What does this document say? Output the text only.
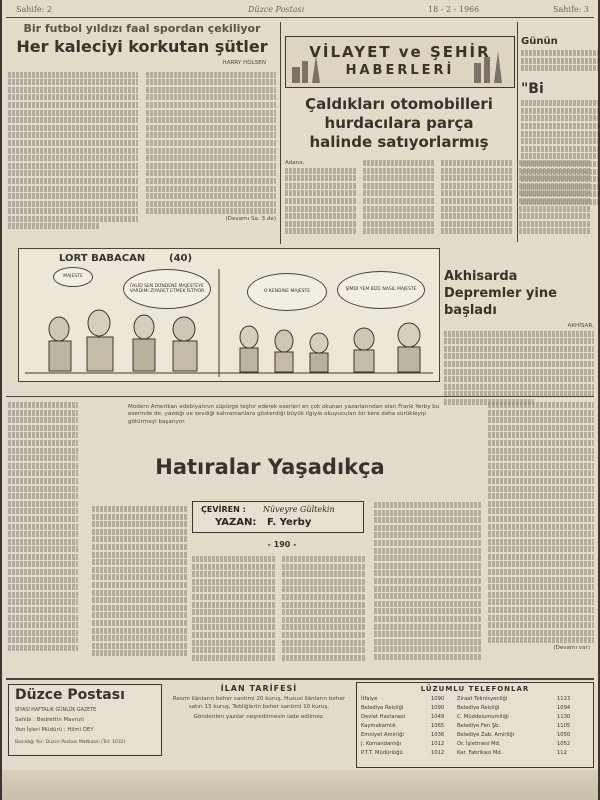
Sahife: 2	Düzce Postası	18 - 2 - 1966	Sahife: 3
Bir futbol yıldızı faal spordan çekiliyor
Her kaleciyi korkutan şütler
HARRY HOLSEN
(Devamı Sa. 3 de)
VİLAYET ve ŞEHİR
HABERLERİ
Çaldıkları otomobilleri
hurdacılara parça
halinde satıyorlarmış
Adana,
Günün
"Bi
LORT BABACAN (40)
MAJESTE
FALİD SEN DÜNDENE MAJESTEYE VARDIMI ZİYARET ETMEK İSTİYOR	O KENDINE MAJESTE	ŞİMDİ YEM BİZE NASIL MAJESTE
Akhisarda Depremler yine başladı
AKHİSAR,
Modern Amerikan edebiyatının süpürge teşhir ederek eserleri en çok okunan yazarlarından olan Frank Yerby bu eserinde de, yazdığı ve sevdiği kahramanlara gösterdiği büyük ilgiyle okuyucuları bir kere daha sürükleyip götürmeyi başarıyor.
Hatıralar Yaşadıkça
ÇEVİREN : Nüveyre Gültekin
YAZAN: F. Yerby
- 190 -
(Devamı var)
Düzce Postası
SİYASİ HAFTALIK GÜNLÜK GAZETE
Sahibi : Bedrettin Mavruti
Yazı İşleri Müdürü : Hilmi DEY
Basıldığı Yer: Düzce Postası Matbaası (Tel: 1032)
İLAN TARİFESİ
Resmi ilânların beher santimi 20 kuruş, Hususi ilânların beher satırı 15 kuruş, Tebliğlerin beher santimi 10 kuruş.
Gönderilen yazılar neşredilmesin iade edilmez.
LÜZUMLU TELEFONLAR
İtfaiye	1090	Ziraat Teknisyenliği	1123
Belediye Reisliği	1090	Belediye Reisliği	1094
Devlet Hastanesi	1049	C. Müddeiumumiliği	1130
Kaymakamlık	1065	Belediye Fen Şb.	1105
Emniyet Amirliği	1036	Belediye Zab. Amirliği	1050
J. Komandanlığı	1012	Or. İşletmesi Md.	1052
P.T.T. Müdürlüğü	1012	Kar. Fabrikası Md.	112
